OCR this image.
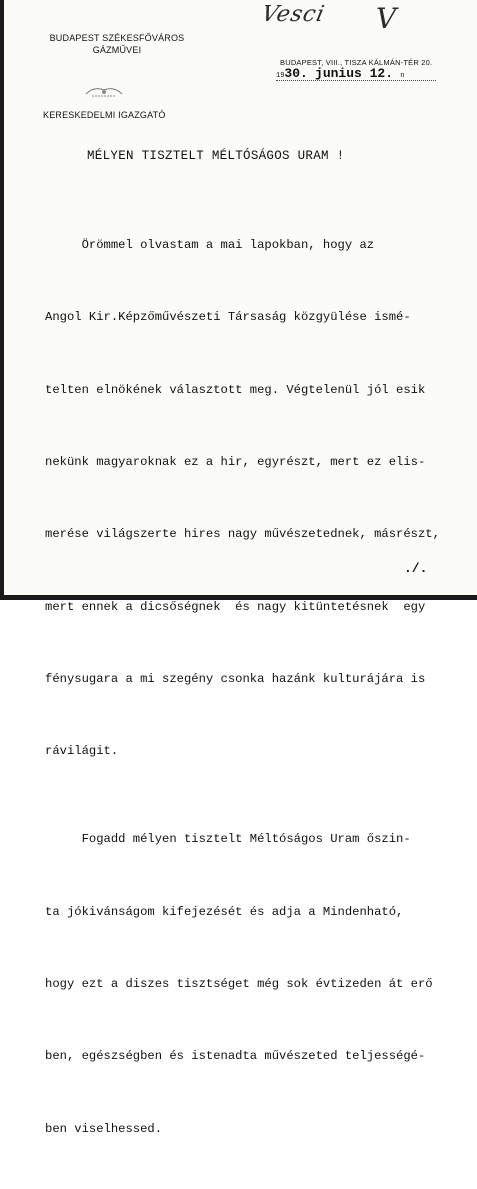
BUDAPEST SZÉKESFŐVÁROS
GÁZMŰVEI
KERESKEDELMI IGAZGATÓ
Vesci V
BUDAPEST, VIII., TISZA KÁLMÁN-TÉR 20.
1930. junius 12. n
MÉLYEN TISZTELT MÉLTÓSÁGOS URAM !

Örömmel olvastam a mai lapokban, hogy az

Angol Kir.Képzőművészeti Társaság közgyülése ismé-

telten elnökének választott meg. Végtelenül jól esik

nekünk magyaroknak ez a hir, egyrészt, mert ez elis-

merése világszerte hires nagy művészetednek, másrészt,

mert ennek a dicsőségnek  és nagy kitüntetésnek  egy

fénysugara a mi szegény csonka hazánk kulturájára is

rávilágit.

Fogadd mélyen tisztelt Méltóságos Uram őszin-

ta jókivánságom kifejezését és adja a Mindenható,

hogy ezt a diszes tisztséget még sok évtizeden át erő

ben, egészségben és istenadta művészeted teljességé-

ben viselhessed.

./.
